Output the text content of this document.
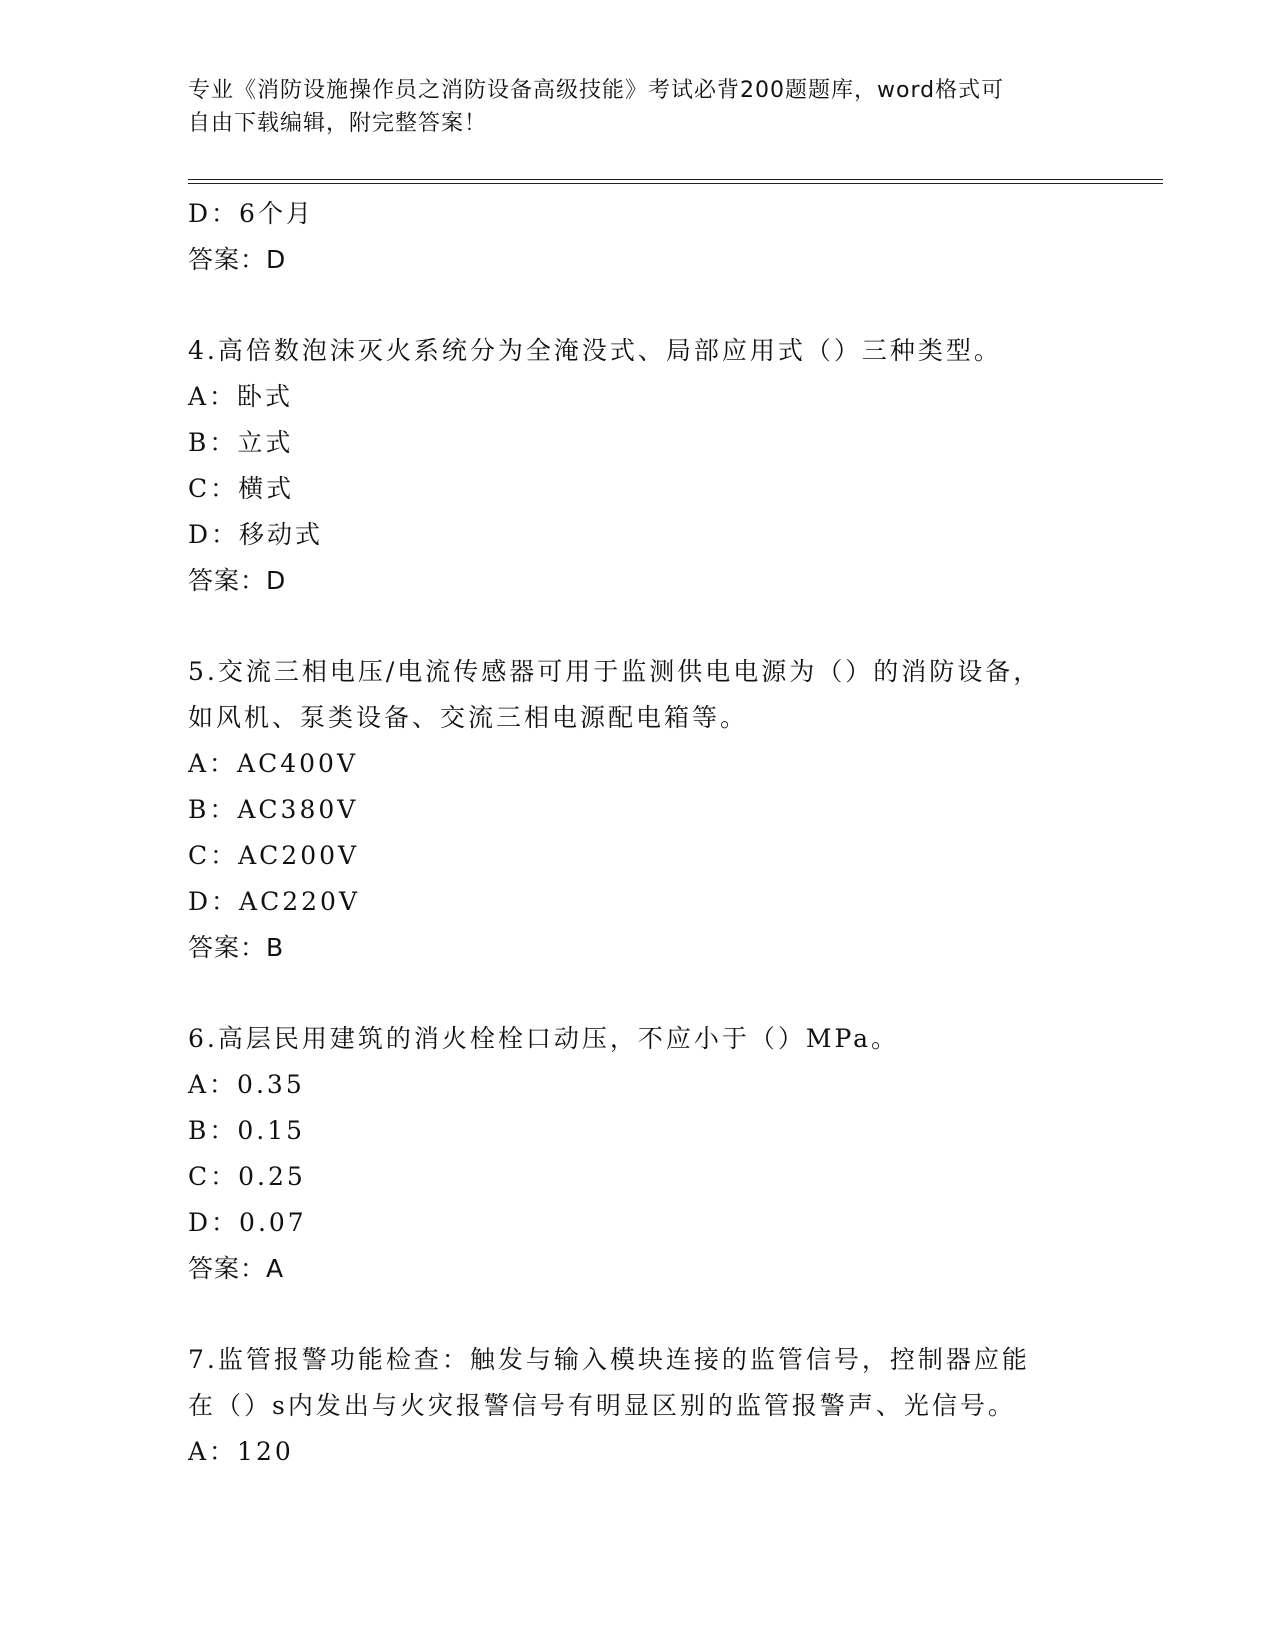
专业《消防设施操作员之消防设备高级技能》考试必背200题题库，word格式可
自由下载编辑，附完整答案！
D：6个月
答案：D
4.高倍数泡沫灭火系统分为全淹没式、局部应用式（）三种类型。
A：卧式
B：立式
C：横式
D：移动式
答案：D
5.交流三相电压/电流传感器可用于监测供电电源为（）的消防设备，
如风机、泵类设备、交流三相电源配电箱等。
A：AC400V
B：AC380V
C：AC200V
D：AC220V
答案：B
6.高层民用建筑的消火栓栓口动压，不应小于（）MPa。
A：0.35
B：0.15
C：0.25
D：0.07
答案：A
7.监管报警功能检查：触发与输入模块连接的监管信号，控制器应能
在（）s内发出与火灾报警信号有明显区别的监管报警声、光信号。
A：120
